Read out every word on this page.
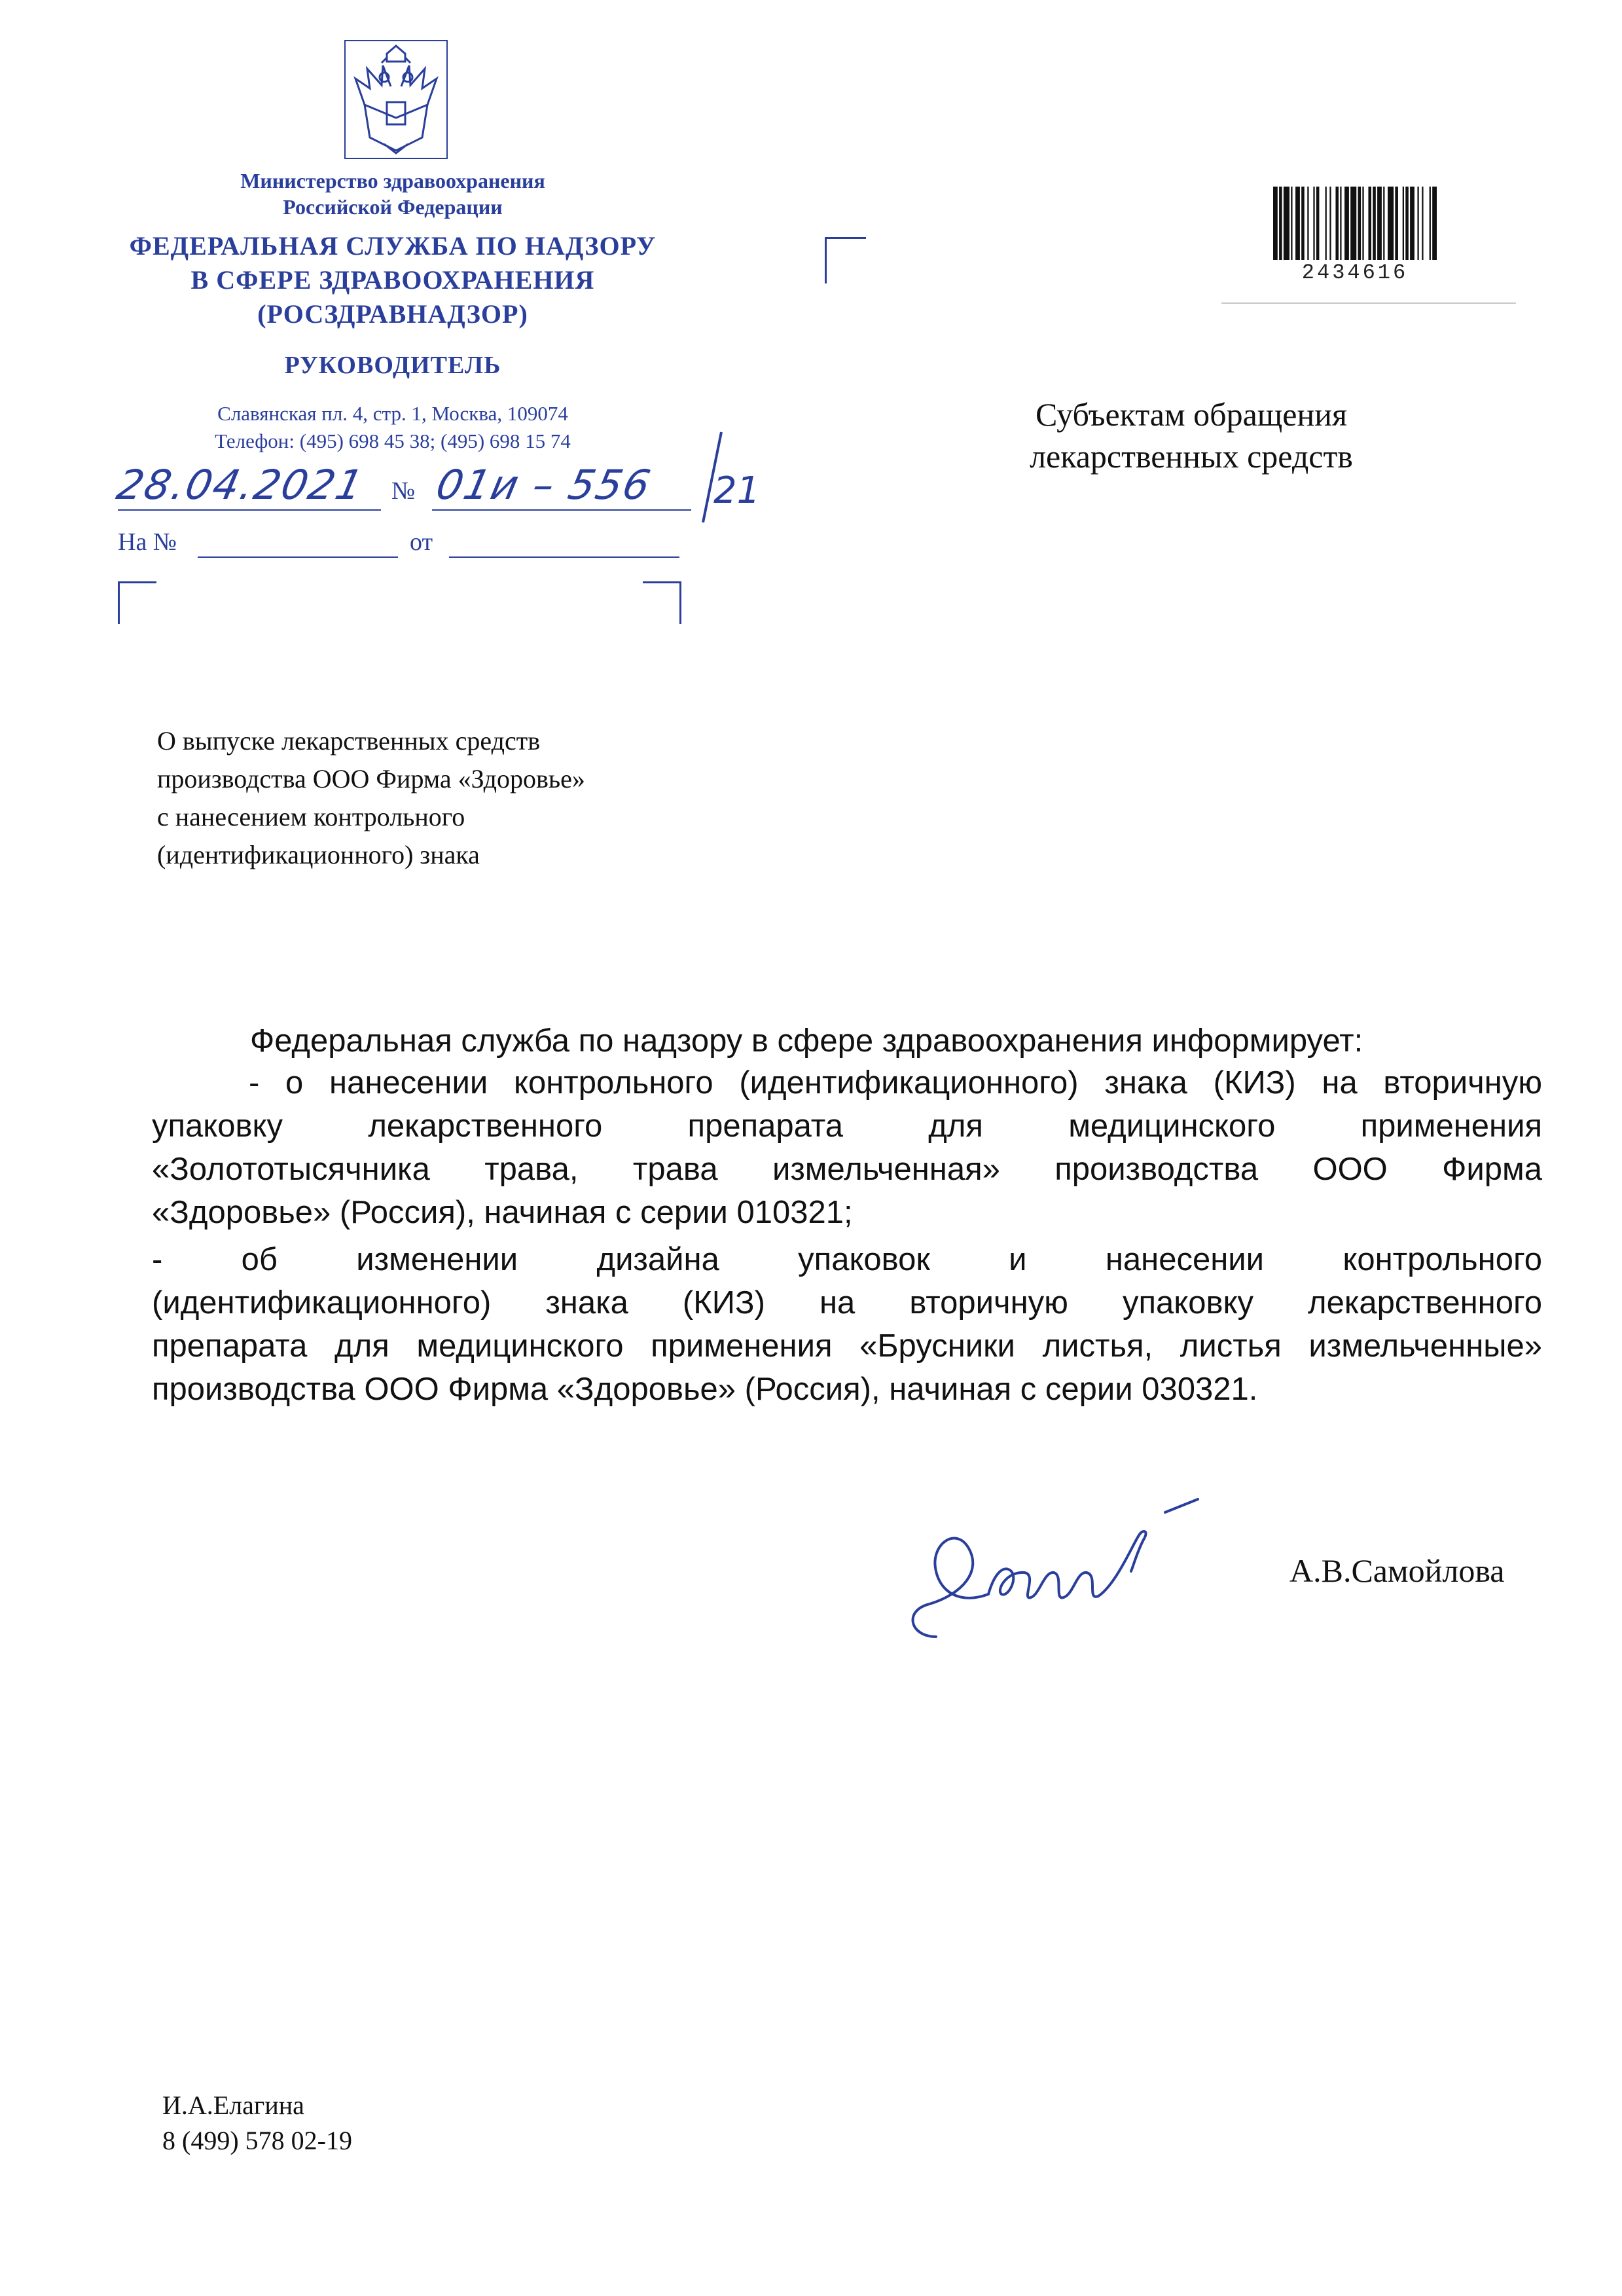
Министерство здравоохранения
Российской Федерации
ФЕДЕРАЛЬНАЯ СЛУЖБА ПО НАДЗОРУ
В СФЕРЕ ЗДРАВООХРАНЕНИЯ
(РОСЗДРАВНАДЗОР)
РУКОВОДИТЕЛЬ
Славянская пл. 4, стр. 1, Москва, 109074
Телефон: (495) 698 45 38; (495) 698 15 74
28.04.2021 № 01и – 556 21
На №	от
2434616
Субъектам обращения
лекарственных средств
О выпуске лекарственных средств
производства ООО Фирма «Здоровье»
с нанесением контрольного
(идентификационного) знака
Федеральная служба по надзору в сфере здравоохранения информирует:
- о нанесении контрольного (идентификационного) знака (КИЗ) на вторичную
упаковку лекарственного препарата для медицинского применения
«Золототысячника трава, трава измельченная» производства ООО Фирма
«Здоровье» (Россия), начиная с серии 010321;
- об изменении дизайна упаковок и нанесении контрольного
(идентификационного) знака (КИЗ) на вторичную упаковку лекарственного
препарата для медицинского применения «Брусники листья, листья измельченные»
производства ООО Фирма «Здоровье» (Россия), начиная с серии 030321.
А.В.Самойлова
И.А.Елагина
8 (499) 578 02-19
